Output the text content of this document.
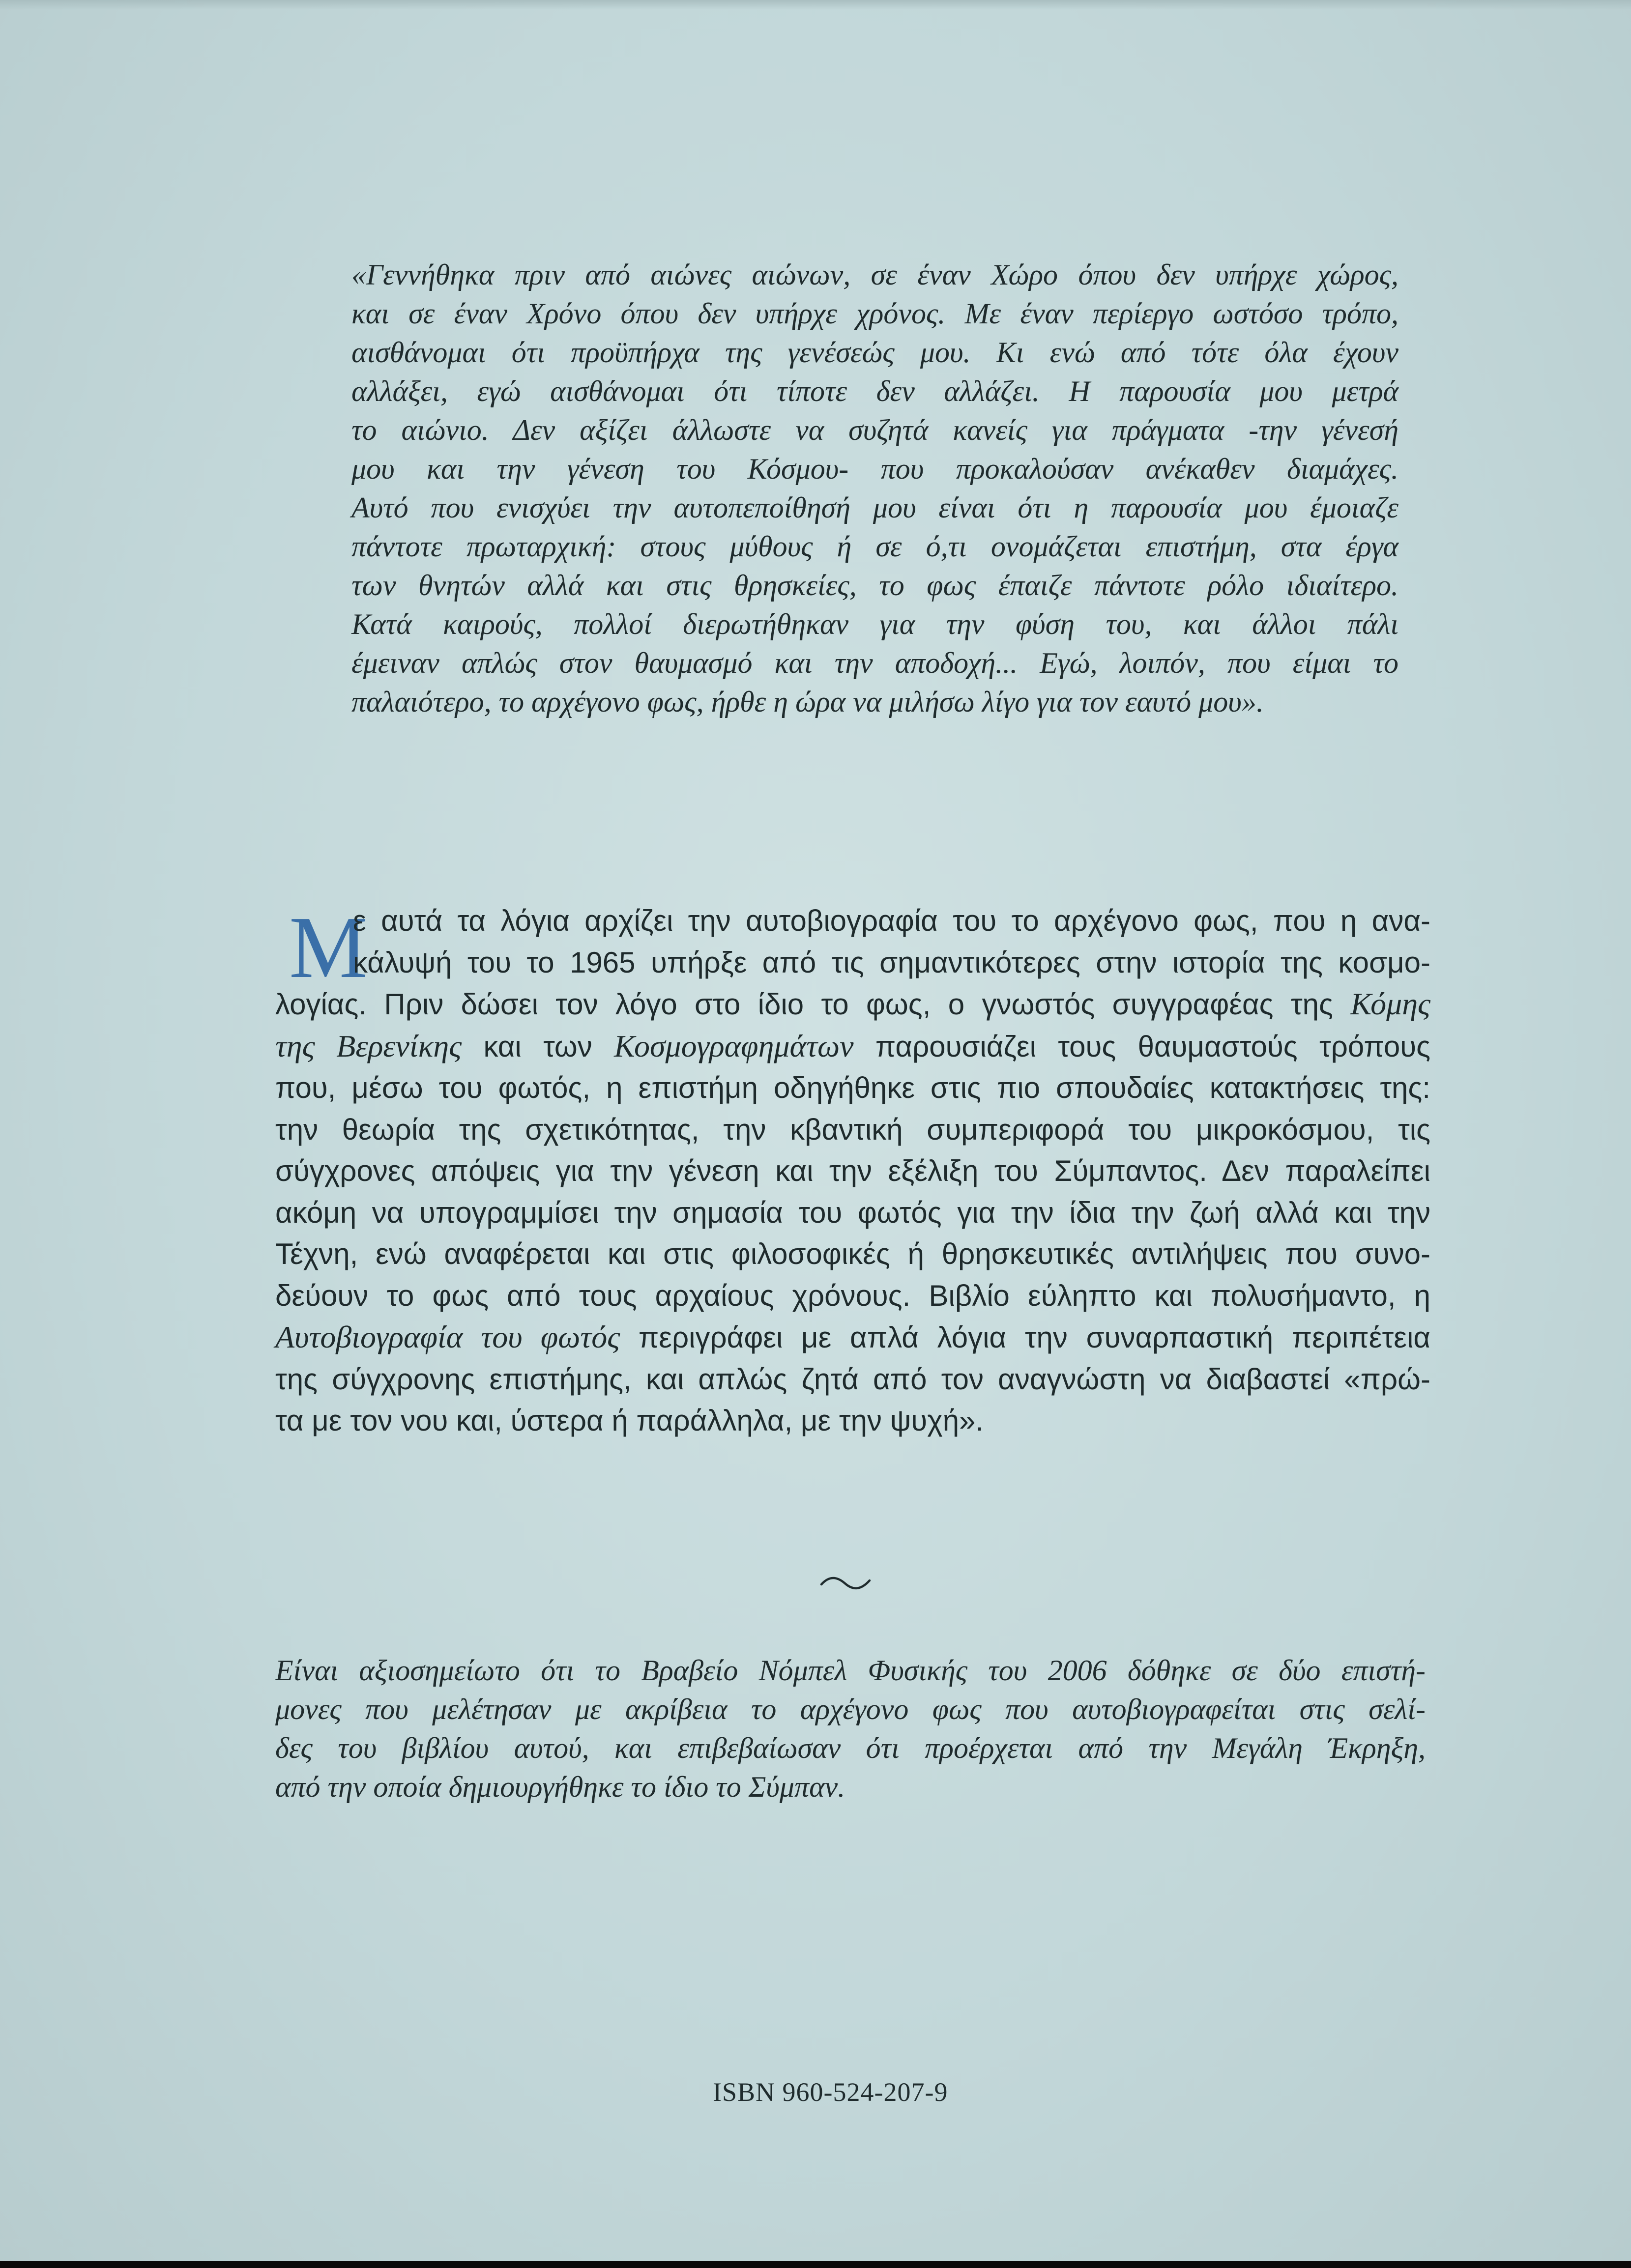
«Γεννήθηκα πριν από αιώνες αιώνων, σε έναν Χώρο όπου δεν υπήρχε χώρος,
και σε έναν Χρόνο όπου δεν υπήρχε χρόνος. Με έναν περίεργο ωστόσο τρόπο,
αισθάνομαι ότι προϋπήρχα της γενέσεώς μου. Κι ενώ από τότε όλα έχουν
αλλάξει, εγώ αισθάνομαι ότι τίποτε δεν αλλάζει. Η παρουσία μου μετρά
το αιώνιο. Δεν αξίζει άλλωστε να συζητά κανείς για πράγματα -την γένεσή
μου και την γένεση του Κόσμου- που προκαλούσαν ανέκαθεν διαμάχες.
Αυτό που ενισχύει την αυτοπεποίθησή μου είναι ότι η παρουσία μου έμοιαζε
πάντοτε πρωταρχική: στους μύθους ή σε ό,τι ονομάζεται επιστήμη, στα έργα
των θνητών αλλά και στις θρησκείες, το φως έπαιζε πάντοτε ρόλο ιδιαίτερο.
Κατά καιρούς, πολλοί διερωτήθηκαν για την φύση του, και άλλοι πάλι
έμειναν απλώς στον θαυμασμό και την αποδοχή... Εγώ, λοιπόν, που είμαι το
παλαιότερο, το αρχέγονο φως, ήρθε η ώρα να μιλήσω λίγο για τον εαυτό μου».
Μ
ε αυτά τα λόγια αρχίζει την αυτοβιογραφία του το αρχέγονο φως, που η ανα-
κάλυψή του το 1965 υπήρξε από τις σημαντικότερες στην ιστορία της κοσμο-
λογίας. Πριν δώσει τον λόγο στο ίδιο το φως, ο γνωστός συγγραφέας της Κόμης
της Βερενίκης και των Κοσμογραφημάτων παρουσιάζει τους θαυμαστούς τρόπους
που, μέσω του φωτός, η επιστήμη οδηγήθηκε στις πιο σπουδαίες κατακτήσεις της:
την θεωρία της σχετικότητας, την κβαντική συμπεριφορά του μικροκόσμου, τις
σύγχρονες απόψεις για την γένεση και την εξέλιξη του Σύμπαντος. Δεν παραλείπει
ακόμη να υπογραμμίσει την σημασία του φωτός για την ίδια την ζωή αλλά και την
Τέχνη, ενώ αναφέρεται και στις φιλοσοφικές ή θρησκευτικές αντιλήψεις που συνο-
δεύουν το φως από τους αρχαίους χρόνους. Βιβλίο εύληπτο και πολυσήμαντο, η
Αυτοβιογραφία του φωτός περιγράφει με απλά λόγια την συναρπαστική περιπέτεια
της σύγχρονης επιστήμης, και απλώς ζητά από τον αναγνώστη να διαβαστεί «πρώ-
τα με τον νου και, ύστερα ή παράλληλα, με την ψυχή».
Είναι αξιοσημείωτο ότι το Βραβείο Νόμπελ Φυσικής του 2006 δόθηκε σε δύο επιστή-
μονες που μελέτησαν με ακρίβεια το αρχέγονο φως που αυτοβιογραφείται στις σελί-
δες του βιβλίου αυτού, και επιβεβαίωσαν ότι προέρχεται από την Μεγάλη Έκρηξη,
από την οποία δημιουργήθηκε το ίδιο το Σύμπαν.
ISBN 960-524-207-9
